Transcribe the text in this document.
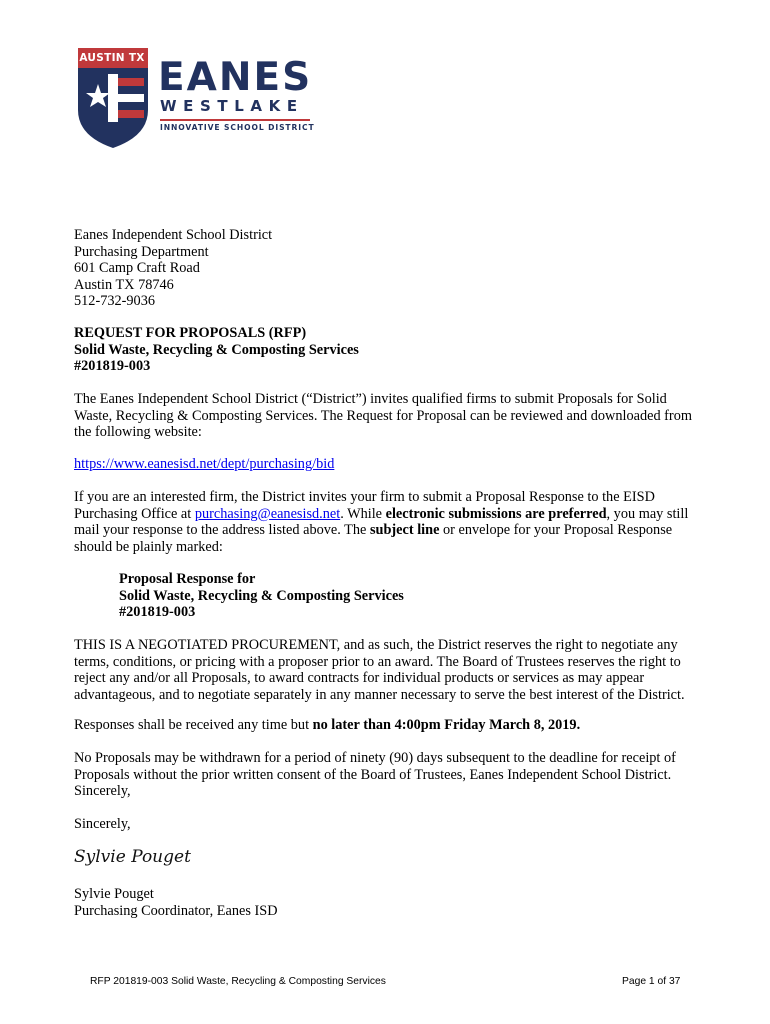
AUSTIN TX EANES
WESTLAKE
INNOVATIVE SCHOOL DISTRICT
Eanes Independent School District
Purchasing Department
601 Camp Craft Road
Austin TX 78746
512-732-9036
REQUEST FOR PROPOSALS (RFP)
Solid Waste, Recycling & Composting Services
#201819-003
The Eanes Independent School District (“District”) invites qualified firms to submit Proposals for Solid
Waste, Recycling & Composting Services. The Request for Proposal can be reviewed and downloaded from
the following website:
https://www.eanesisd.net/dept/purchasing/bid
If you are an interested firm, the District invites your firm to submit a Proposal Response to the EISD
Purchasing Office at purchasing@eanesisd.net. While electronic submissions are preferred, you may still
mail your response to the address listed above. The subject line or envelope for your Proposal Response
should be plainly marked:
Proposal Response for
Solid Waste, Recycling & Composting Services
#201819-003
THIS IS A NEGOTIATED PROCUREMENT, and as such, the District reserves the right to negotiate any
terms, conditions, or pricing with a proposer prior to an award. The Board of Trustees reserves the right to
reject any and/or all Proposals, to award contracts for individual products or services as may appear
advantageous, and to negotiate separately in any manner necessary to serve the best interest of the District.
Responses shall be received any time but no later than 4:00pm Friday March 8, 2019.
No Proposals may be withdrawn for a period of ninety (90) days subsequent to the deadline for receipt of
Proposals without the prior written consent of the Board of Trustees, Eanes Independent School District.
Sincerely,
Sincerely,
Sylvie Pouget
Sylvie Pouget
Purchasing Coordinator, Eanes ISD
RFP 201819-003 Solid Waste, Recycling & Composting Services	Page 1 of 37
